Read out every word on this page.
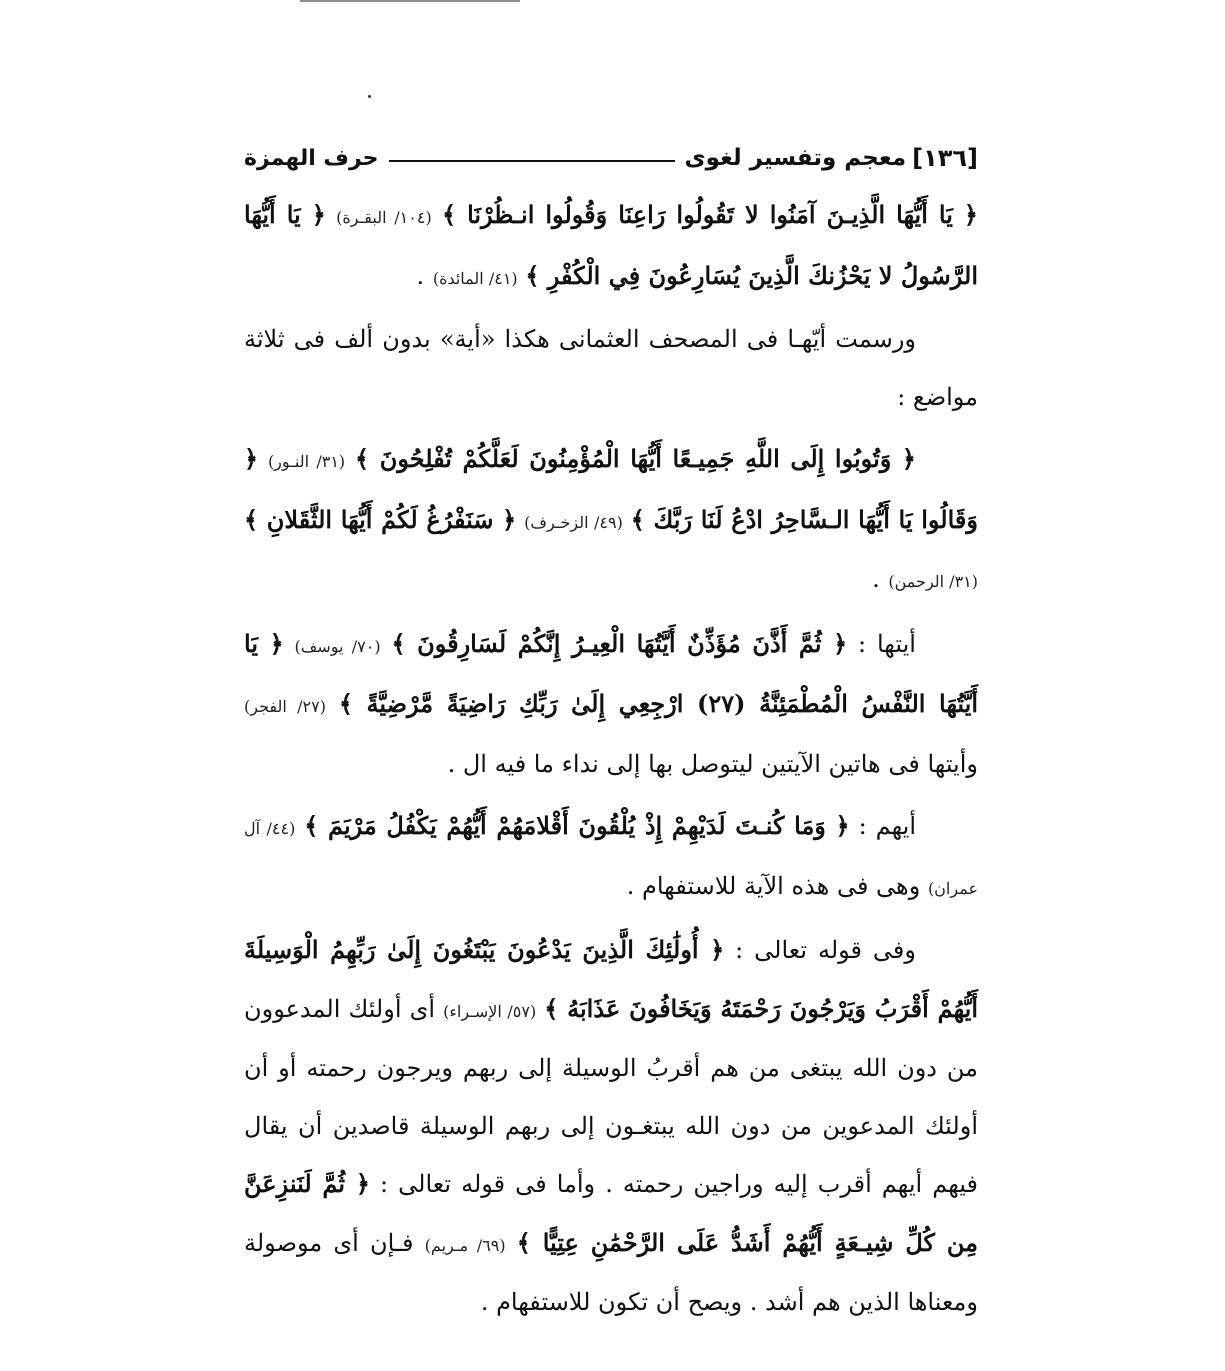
[١٣٦]
معجم وتفسير لغوى
حرف الهمزة

﴿ يَا أَيُّهَا الَّذِيـنَ آمَنُوا لا تَقُولُوا رَاعِنَا وَقُولُوا انـظُرْنَا ﴾ (١٠٤/ البقـرة) ﴿ يَا أَيُّهَا الرَّسُولُ لا يَحْزُنكَ الَّذِينَ يُسَارِعُونَ فِي الْكُفْرِ ﴾ (٤١/ المائدة) .

ورسمت أيّهـا فى المصحف العثمانى هكذا «أية» بدون ألف فى ثلاثة مواضع :

﴿ وَتُوبُوا إِلَى اللَّهِ جَمِيـعًا أَيُّهَا الْمُؤْمِنُونَ لَعَلَّكُمْ تُفْلِحُونَ ﴾ (٣١/ النـور) ﴿ وَقَالُوا يَا أَيُّهَا الـسَّاحِرُ ادْعُ لَنَا رَبَّكَ ﴾ (٤٩/ الزخـرف) ﴿ سَنَفْرُغُ لَكُمْ أَيُّهَا الثَّقَلانِ ﴾ (٣١/ الرحمن) .

أيتها : ﴿ ثُمَّ أَذَّنَ مُؤَذِّنٌ أَيَّتُهَا الْعِيـرُ إِنَّكُمْ لَسَارِقُونَ ﴾ (٧٠/ يوسف) ﴿ يَا أَيَّتُهَا النَّفْسُ الْمُطْمَئِنَّةُ (٢٧) ارْجِعِي إِلَىٰ رَبِّكِ رَاضِيَةً مَّرْضِيَّةً ﴾ (٢٧/ الفجر) وأيتها فى هاتين الآيتين ليتوصل بها إلى نداء ما فيه ال .

أيهم : ﴿ وَمَا كُنـتَ لَدَيْهِمْ إِذْ يُلْقُونَ أَقْلامَهُمْ أَيُّهُمْ يَكْفُلُ مَرْيَمَ ﴾ (٤٤/ آل عمران) وهى فى هذه الآية للاستفهام .

وفى قوله تعالى : ﴿ أُولَٰئِكَ الَّذِينَ يَدْعُونَ يَبْتَغُونَ إِلَىٰ رَبِّهِمُ الْوَسِيلَةَ أَيُّهُمْ أَقْرَبُ وَيَرْجُونَ رَحْمَتَهُ وَيَخَافُونَ عَذَابَهُ ﴾ (٥٧/ الإسـراء) أى أولئك المدعوون من دون الله يبتغى من هم أقربُ الوسيلة إلى ربهم ويرجون رحمته أو أن أولئك المدعوين من دون الله يبتغـون إلى ربهم الوسيلة قاصدين أن يقال فيهم أيهم أقرب إليه وراجين رحمته . وأما فى قوله تعالى : ﴿ ثُمَّ لَنَنزِعَنَّ مِن كُلِّ شِيـعَةٍ أَيُّهُمْ أَشَدُّ عَلَى الرَّحْمَٰنِ عِتِيًّا ﴾ (٦٩/ مـريم) فـإن أى موصولة ومعناها الذين هم أشد . ويصح أن تكون للاستفهام .
